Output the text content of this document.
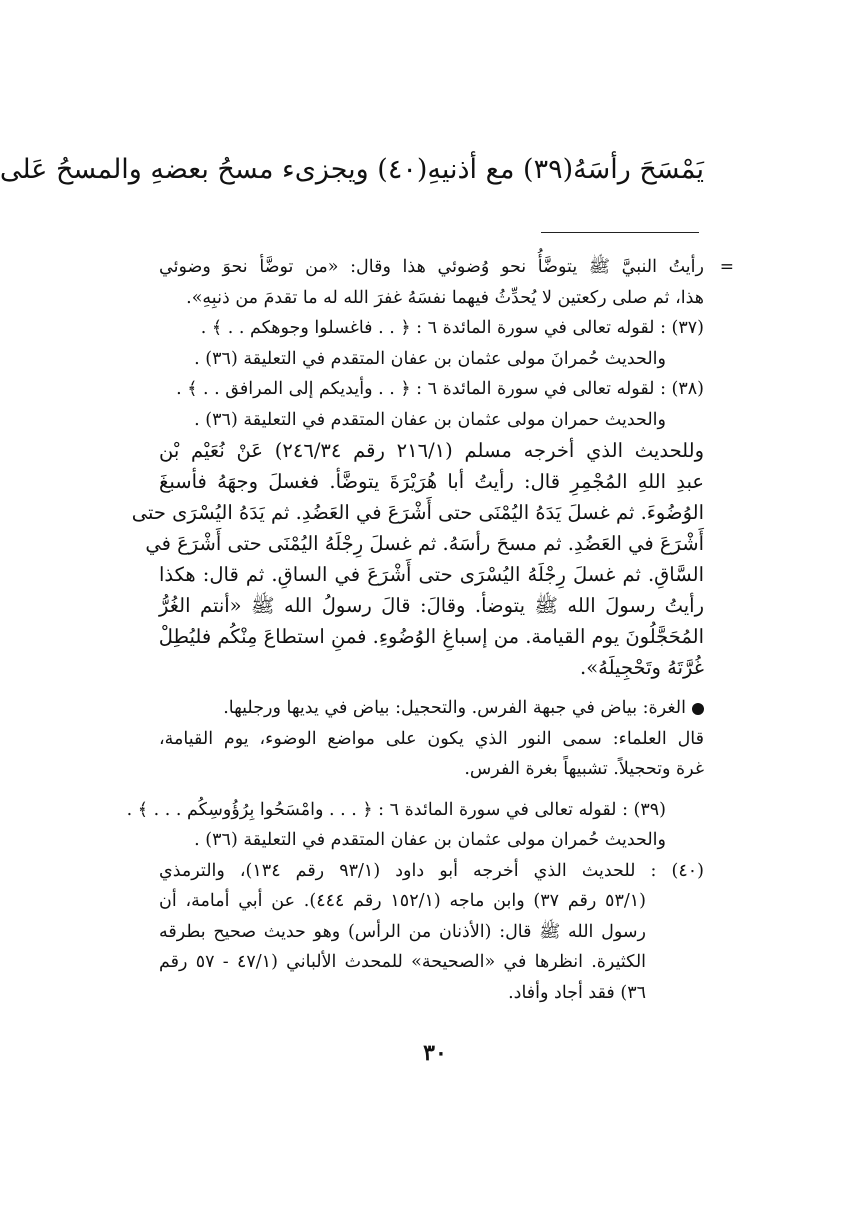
يَمْسَحَ رأسَهُ(٣٩) مع أذنيهِ(٤٠) ويجزىء مسحُ بعضهِ والمسحُ عَلى
=
رأيتُ النبيَّ ﷺ يتوضَّأُ نحو وُضوئي هذا وقال: «من توضَّأ نحوَ وضوئي
هذا، ثم صلى ركعتين لا يُحدِّثُ فيهما نفسَهُ غفرَ الله له ما تقدمَ من ذنبِهِ».
(٣٧) : لقوله تعالى في سورة المائدة ٦ : ﴿ . . فاغسلوا وجوهكم . . ﴾ .
والحديث حُمرانَ مولى عثمان بن عفان المتقدم في التعليقة (٣٦) .
(٣٨) : لقوله تعالى في سورة المائدة ٦ : ﴿ . . وأيديكم إلى المرافق . . ﴾ .
والحديث حمران مولى عثمان بن عفان المتقدم في التعليقة (٣٦) .
وللحديث الذي أخرجه مسلم (٢١٦/١ رقم ٢٤٦/٣٤) عَنْ نُعَيْم بْن
عبدِ اللهِ المُجْمِرِ قال: رأيتُ أبا هُرَيْرَةَ يتوضَّأ. فغسلَ وجهَهُ فأسبغَ
الوُضُوءَ. ثم غسلَ يَدَهُ اليُمْنَى حتى أَشْرَعَ في العَضُدِ. ثم يَدَهُ اليُسْرَى حتى
أَشْرَعَ في العَضُدِ. ثم مسحَ رأسَهُ. ثم غسلَ رِجْلَهُ اليُمْنَى حتى أَشْرَعَ في
السَّاقِ. ثم غسلَ رِجْلَهُ اليُسْرَى حتى أَشْرَعَ في الساقِ. ثم قال: هكذا
رأيتُ رسولَ الله ﷺ يتوضأ. وقالَ: قالَ رسولُ الله ﷺ «أنتم الغُرُّ
المُحَجَّلُونَ يوم القيامة. من إسباغِ الوُضُوءِ. فمنِ استطاعَ مِنْكُم فليُطِلْ
غُرَّتَهُ وتَحْجِيلَهُ».
الغرة: بياض في جبهة الفرس. والتحجيل: بياض في يديها ورجليها.
قال العلماء: سمى النور الذي يكون على مواضع الوضوء، يوم القيامة،
غرة وتحجيلاً. تشبيهاً بغرة الفرس.
(٣٩) : لقوله تعالى في سورة المائدة ٦ : ﴿ . . . وامْسَحُوا بِرُؤُوسِكُم . . . ﴾ .
والحديث حُمران مولى عثمان بن عفان المتقدم في التعليقة (٣٦) .
(٤٠) : للحديث الذي أخرجه أبو داود (٩٣/١ رقم ١٣٤)، والترمذي
(٥٣/١ رقم ٣٧) وابن ماجه (١٥٢/١ رقم ٤٤٤). عن أبي أمامة، أن
رسول الله ﷺ قال: (الأذنان من الرأس) وهو حديث صحيح بطرقه
الكثيرة. انظرها في «الصحيحة» للمحدث الألباني (٤٧/١ - ٥٧ رقم
٣٦) فقد أجاد وأفاد.
٣٠
